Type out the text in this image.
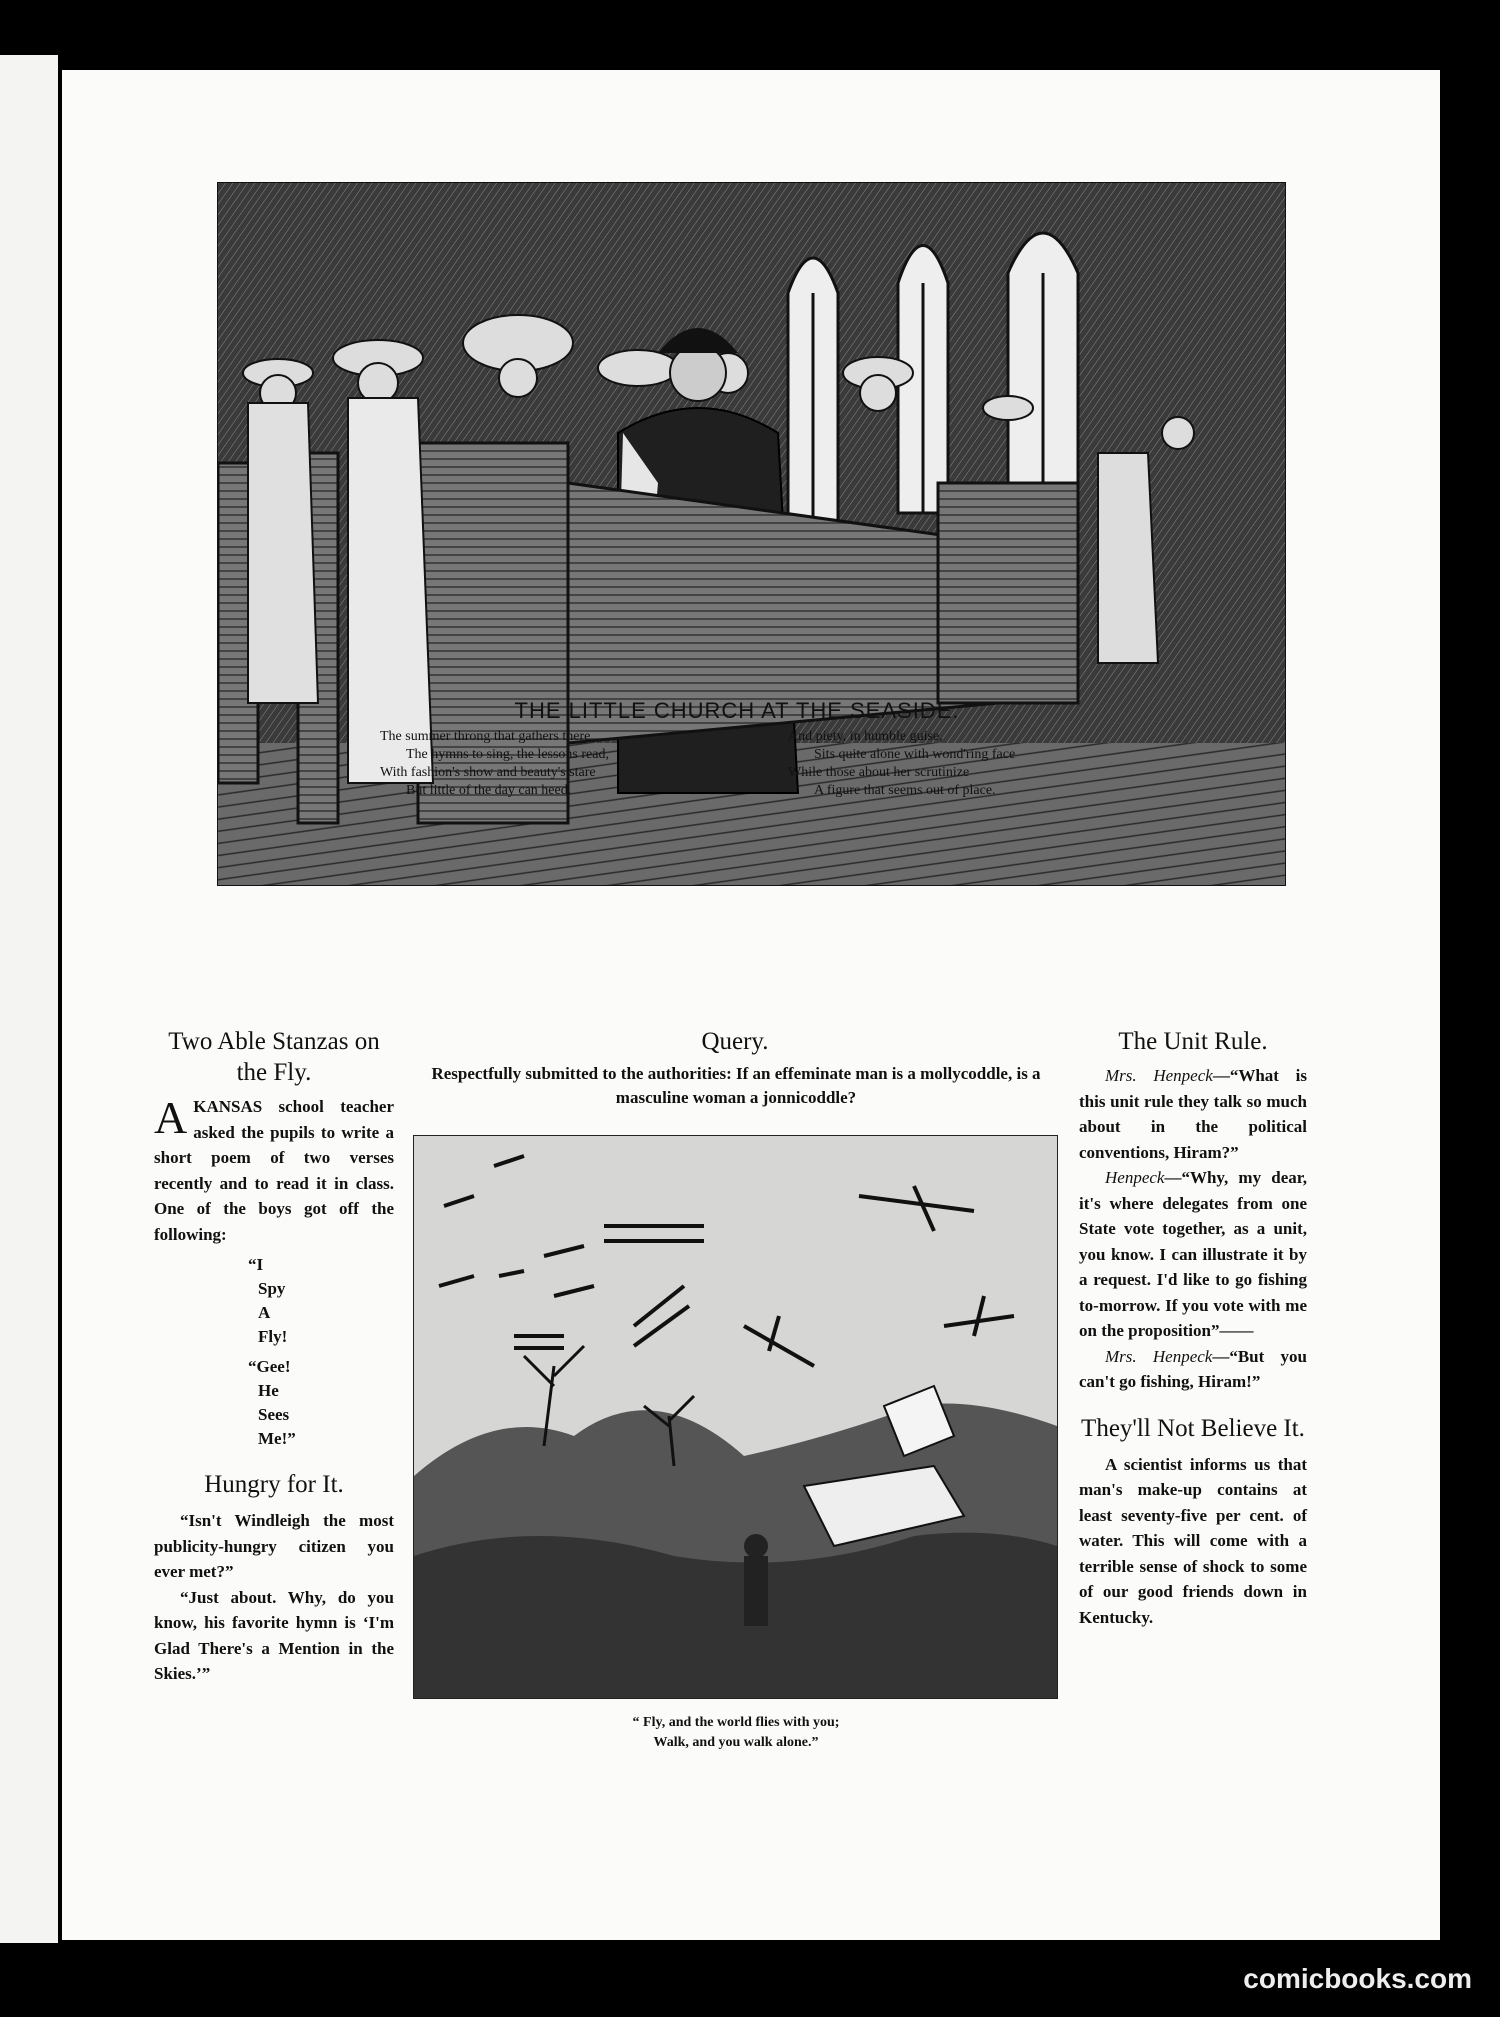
THE LITTLE CHURCH AT THE SEASIDE.
The summer throng that gathers there
The hymns to sing, the lessons read,
With fashion's show and beauty's stare
But little of the day can heed.
And piety, in humble guise,
Sits quite alone with wond'ring face
While those about her scrutinize
A figure that seems out of place.
Two Able Stanzas on the Fly.
AKANSAS school teacher asked the pupils to write a short poem of two verses recently and to read it in class. One of the boys got off the following:
“I
Spy
A
Fly!
“Gee!
He
Sees
Me!”
Hungry for It.

“Isn't Windleigh the most publicity-hungry citizen you ever met?”

“Just about. Why, do you know, his favorite hymn is ‘I'm Glad There's a Mention in the Skies.’”

Query.
Respectfully submitted to the authorities: If an effeminate man is a mollycoddle, is a masculine woman a jonnicoddle?
“ Fly, and the world flies with you;
Walk, and you walk alone.”
The Unit Rule.

Mrs. Henpeck—“What is this unit rule they talk so much about in the political conventions, Hiram?”

Henpeck—“Why, my dear, it's where delegates from one State vote together, as a unit, you know. I can illustrate it by a request. I'd like to go fishing to-morrow. If you vote with me on the proposition”——

Mrs. Henpeck—“But you can't go fishing, Hiram!”

They'll Not Believe It.

A scientist informs us that man's make-up contains at least seventy-five per cent. of water. This will come with a terrible sense of shock to some of our good friends down in Kentucky.

comicbooks.com
